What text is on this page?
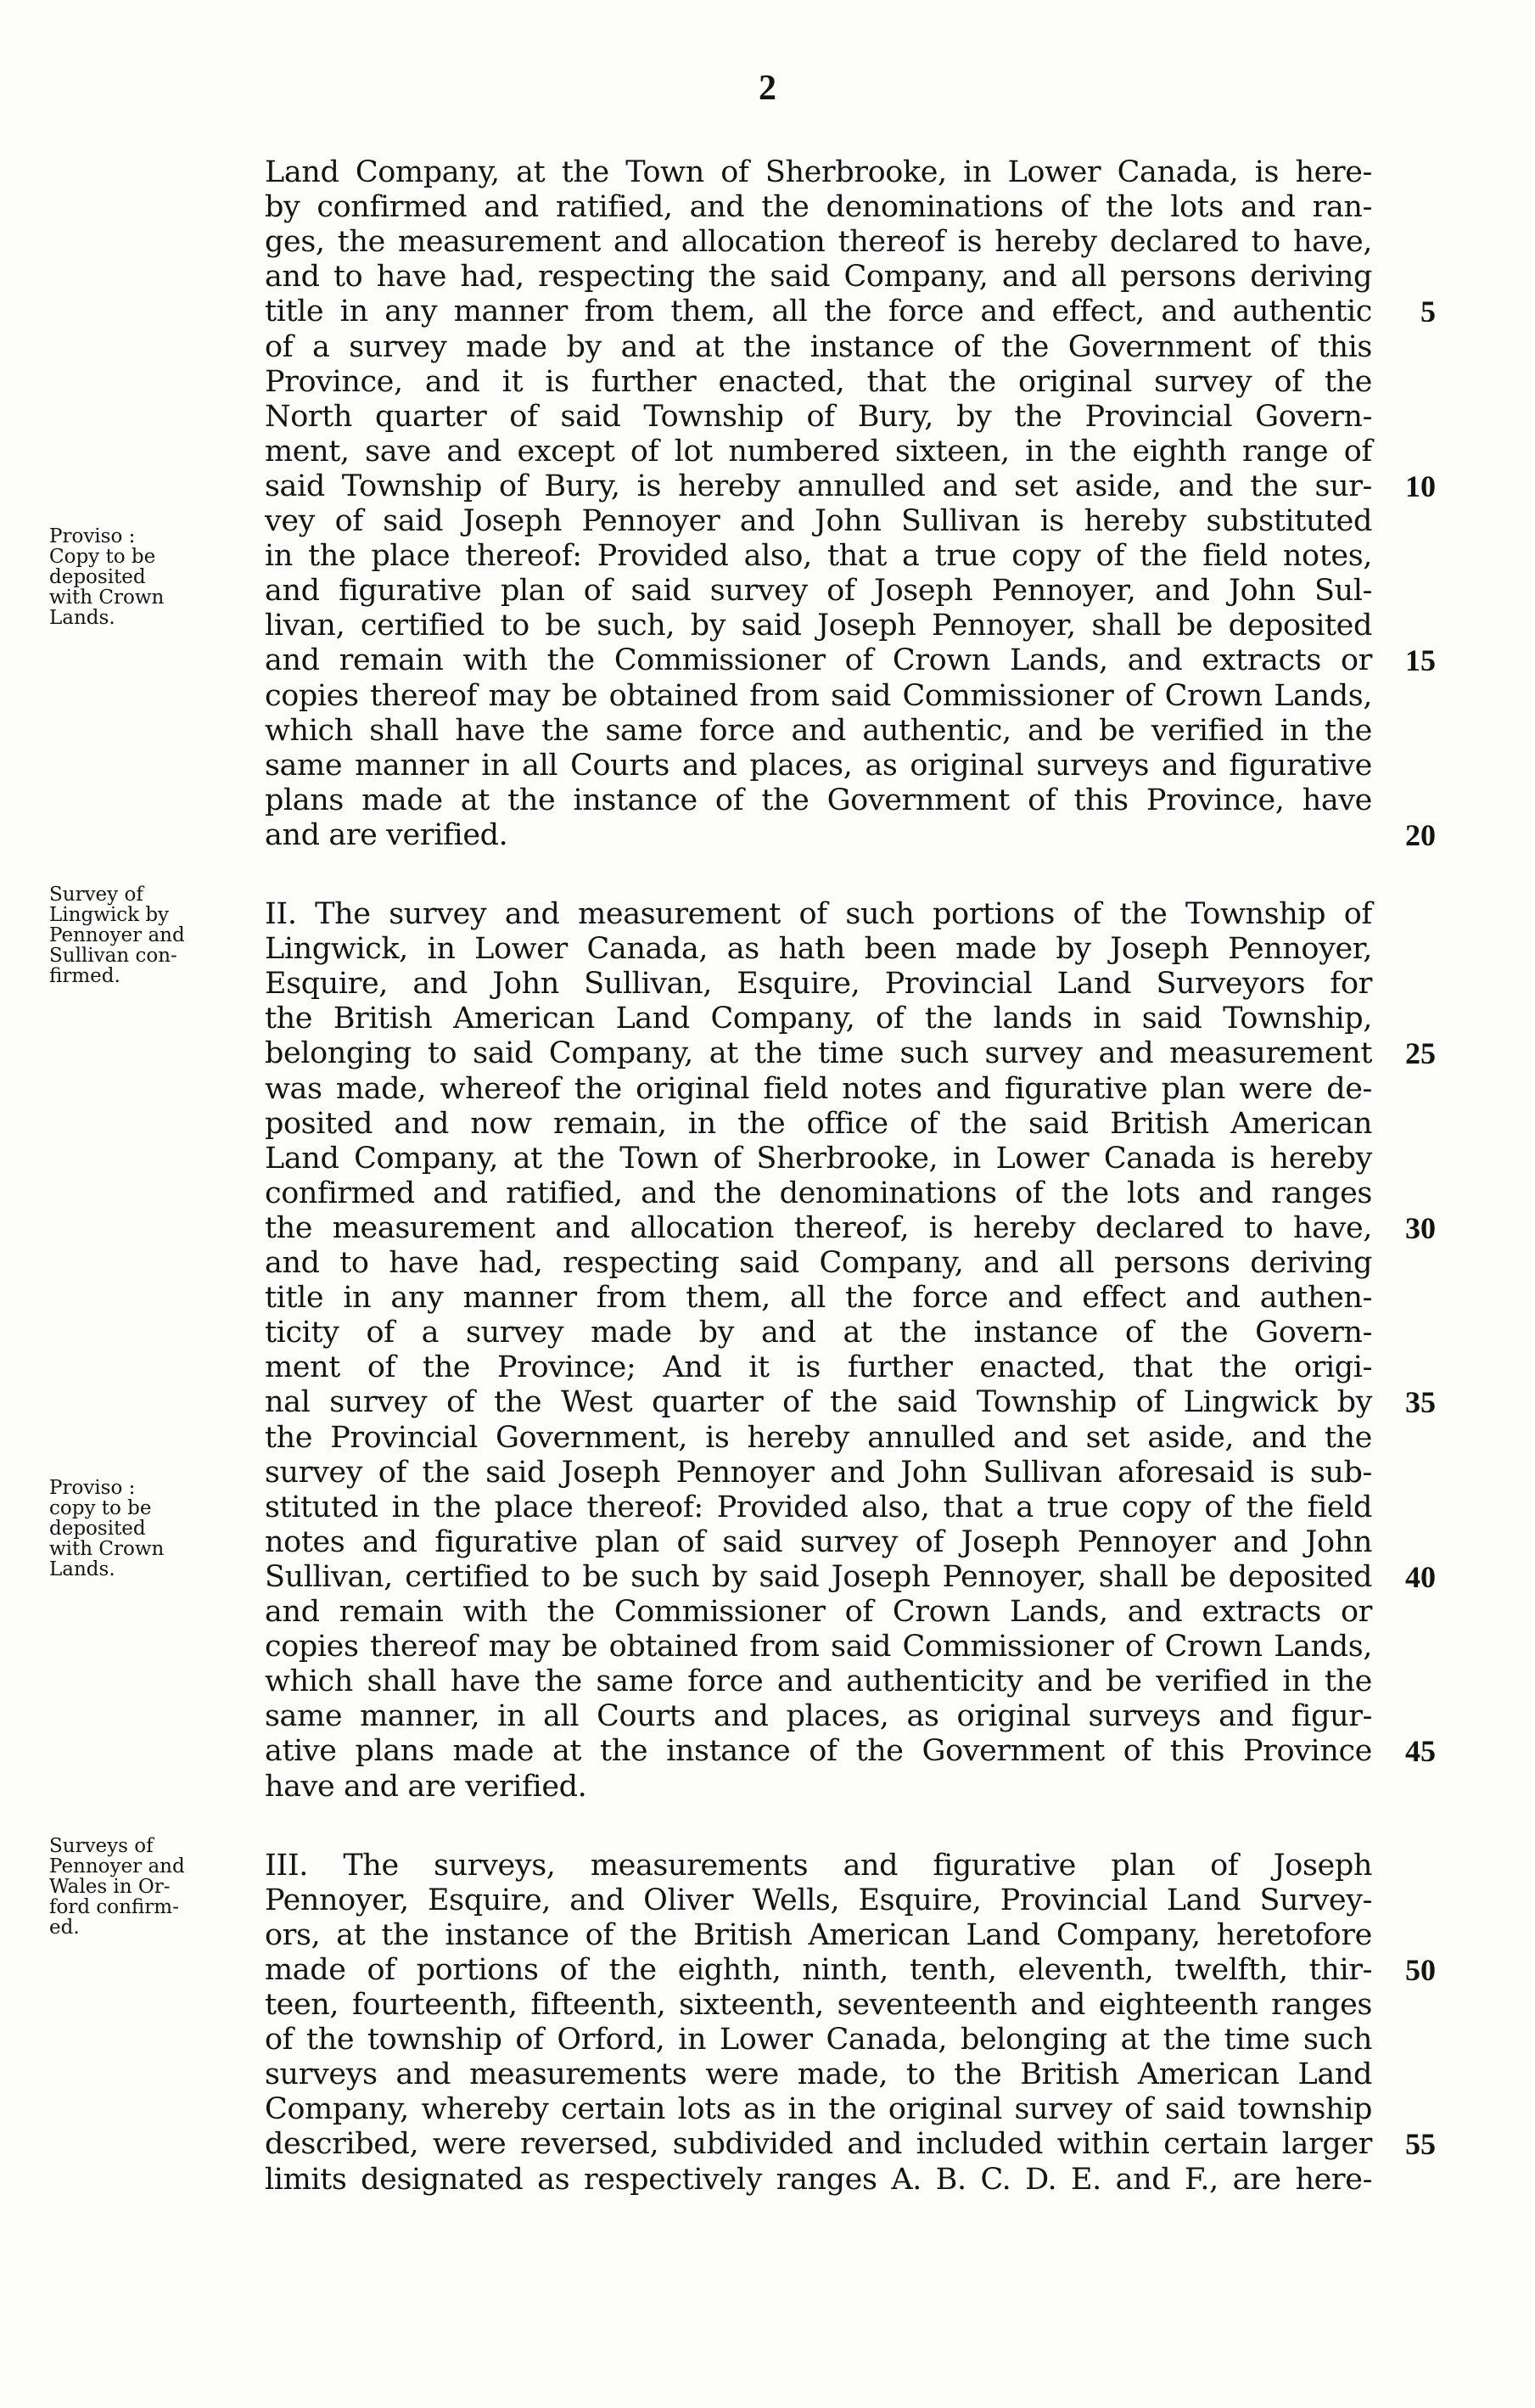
2
Land Company, at the Town of Sherbrooke, in Lower Canada, is here-
by confirmed and ratified, and the denominations of the lots and ran-
ges, the measurement and allocation thereof is hereby declared to have,
and to have had, respecting the said Company, and all persons deriving
title in any manner from them, all the force and effect, and authentic
of a survey made by and at the instance of the Government of this
Province, and it is further enacted, that the original survey of the
North quarter of said Township of Bury, by the Provincial Govern-
ment, save and except of lot numbered sixteen, in the eighth range of
said Township of Bury, is hereby annulled and set aside, and the sur-
vey of said Joseph Pennoyer and John Sullivan is hereby substituted
in the place thereof: Provided also, that a true copy of the field notes,
and figurative plan of said survey of Joseph Pennoyer, and John Sul-
livan, certified to be such, by said Joseph Pennoyer, shall be deposited
and remain with the Commissioner of Crown Lands, and extracts or
copies thereof may be obtained from said Commissioner of Crown Lands,
which shall have the same force and authentic, and be verified in the
same manner in all Courts and places, as original surveys and figurative
plans made at the instance of the Government of this Province, have
and are verified.
II. The survey and measurement of such portions of the Township of
Lingwick, in Lower Canada, as hath been made by Joseph Pennoyer,
Esquire, and John Sullivan, Esquire, Provincial Land Surveyors for
the British American Land Company, of the lands in said Township,
belonging to said Company, at the time such survey and measurement
was made, whereof the original field notes and figurative plan were de-
posited and now remain, in the office of the said British American
Land Company, at the Town of Sherbrooke, in Lower Canada is hereby
confirmed and ratified, and the denominations of the lots and ranges
the measurement and allocation thereof, is hereby declared to have,
and to have had, respecting said Company, and all persons deriving
title in any manner from them, all the force and effect and authen-
ticity of a survey made by and at the instance of the Govern-
ment of the Province; And it is further enacted, that the origi-
nal survey of the West quarter of the said Township of Lingwick by
the Provincial Government, is hereby annulled and set aside, and the
survey of the said Joseph Pennoyer and John Sullivan aforesaid is sub-
stituted in the place thereof: Provided also, that a true copy of the field
notes and figurative plan of said survey of Joseph Pennoyer and John
Sullivan, certified to be such by said Joseph Pennoyer, shall be deposited
and remain with the Commissioner of Crown Lands, and extracts or
copies thereof may be obtained from said Commissioner of Crown Lands,
which shall have the same force and authenticity and be verified in the
same manner, in all Courts and places, as original surveys and figur-
ative plans made at the instance of the Government of this Province
have and are verified.
III. The surveys, measurements and figurative plan of Joseph
Pennoyer, Esquire, and Oliver Wells, Esquire, Provincial Land Survey-
ors, at the instance of the British American Land Company, heretofore
made of portions of the eighth, ninth, tenth, eleventh, twelfth, thir-
teen, fourteenth, fifteenth, sixteenth, seventeenth and eighteenth ranges
of the township of Orford, in Lower Canada, belonging at the time such
surveys and measurements were made, to the British American Land
Company, whereby certain lots as in the original survey of said township
described, were reversed, subdivided and included within certain larger
limits designated as respectively ranges A. B. C. D. E. and F., are here-
5
10
15
20
25
30
35
40
45
50
55
Proviso :
Copy to be
deposited
with Crown
Lands.
Survey of
Lingwick by
Pennoyer and
Sullivan con-
firmed.
Proviso :
copy to be
deposited
with Crown
Lands.
Surveys of
Pennoyer and
Wales in Or-
ford confirm-
ed.
